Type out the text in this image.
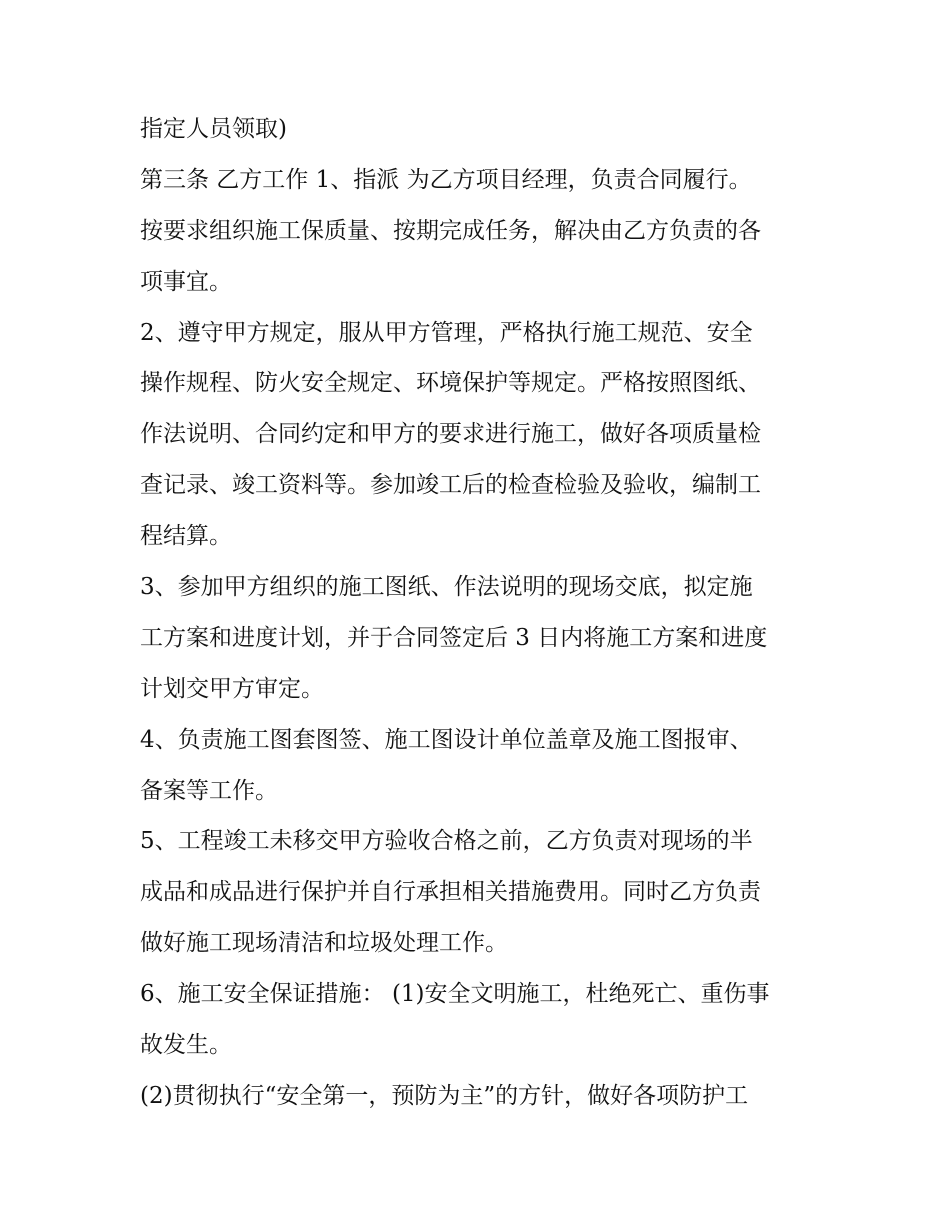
指定人员领取)
第三条 乙方工作 1、指派 为乙方项目经理，负责合同履行。
按要求组织施工保质量、按期完成任务，解决由乙方负责的各
项事宜。
2、遵守甲方规定，服从甲方管理，严格执行施工规范、安全
操作规程、防火安全规定、环境保护等规定。严格按照图纸、
作法说明、合同约定和甲方的要求进行施工，做好各项质量检
查记录、竣工资料等。参加竣工后的检查检验及验收，编制工
程结算。
3、参加甲方组织的施工图纸、作法说明的现场交底，拟定施
工方案和进度计划，并于合同签定后 3 日内将施工方案和进度
计划交甲方审定。
4、负责施工图套图签、施工图设计单位盖章及施工图报审、
备案等工作。
5、工程竣工未移交甲方验收合格之前，乙方负责对现场的半
成品和成品进行保护并自行承担相关措施费用。同时乙方负责
做好施工现场清洁和垃圾处理工作。
6、施工安全保证措施： (1)安全文明施工，杜绝死亡、重伤事
故发生。
(2)贯彻执行“安全第一，预防为主”的方针，做好各项防护工
